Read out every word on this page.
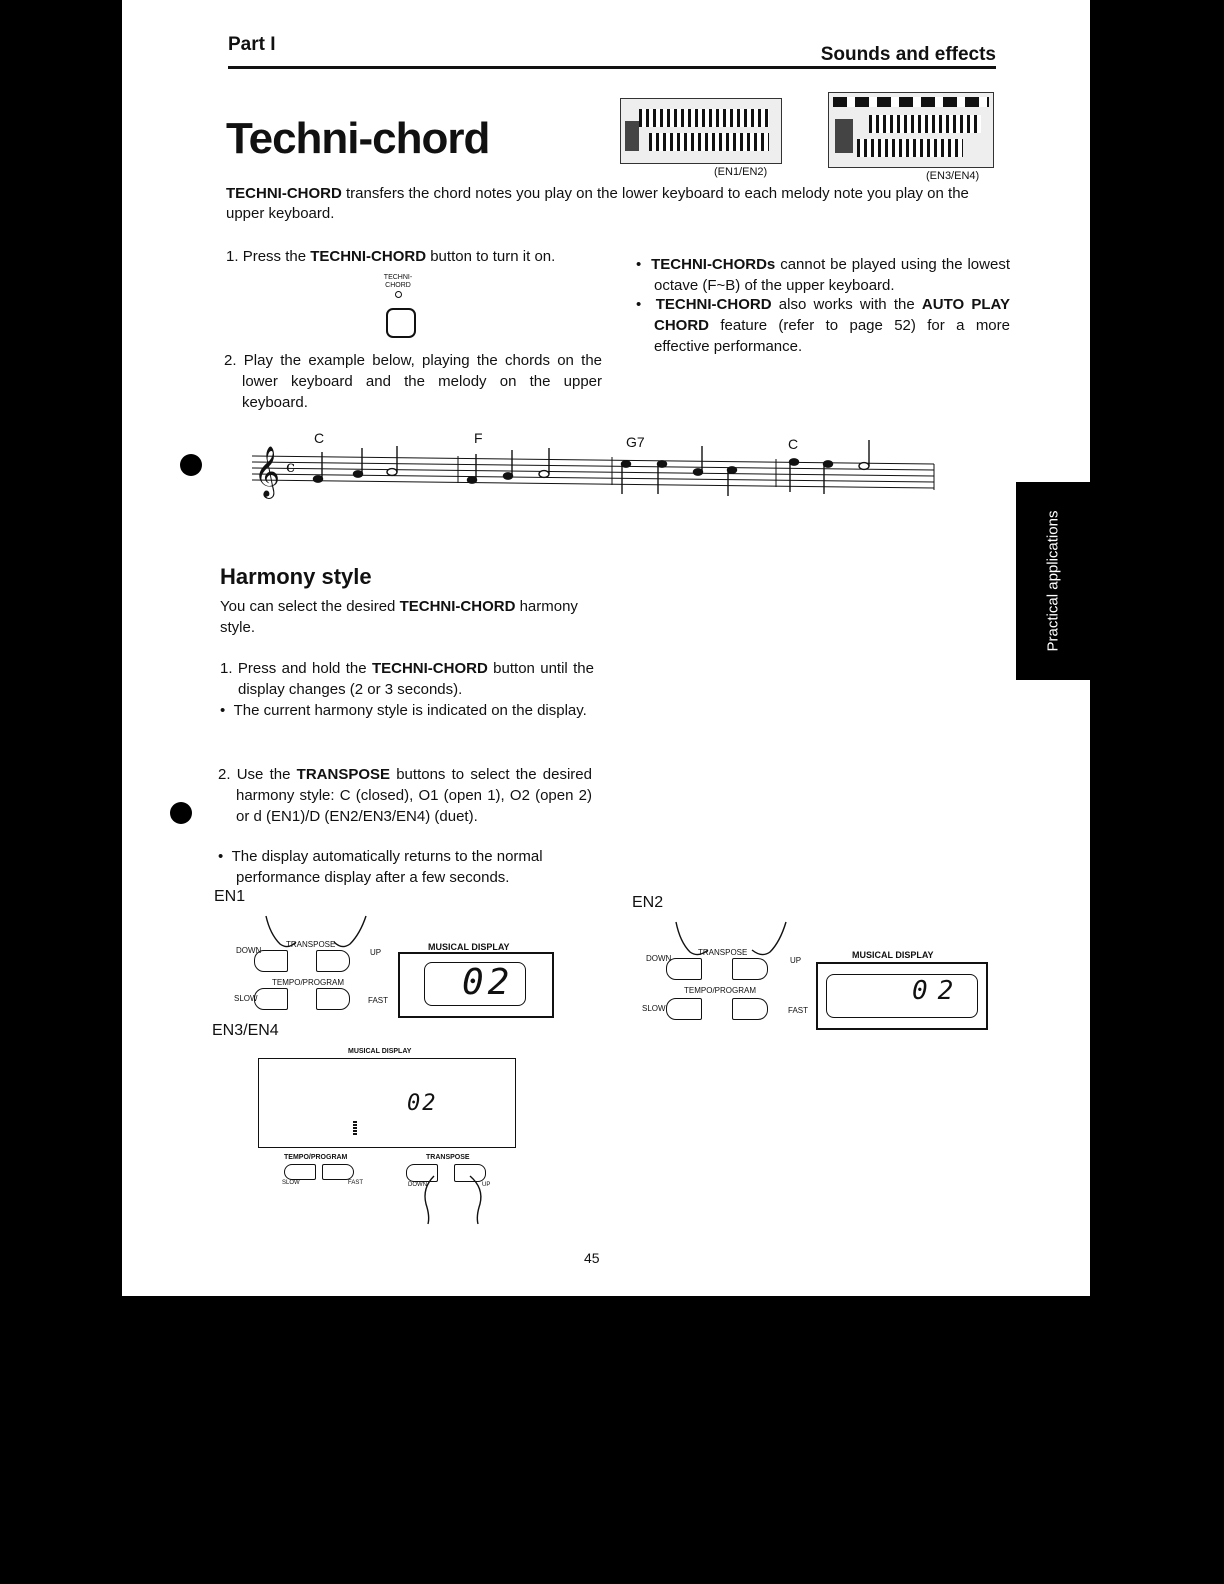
Part I	Sounds and effects
Techni-chord
(EN1/EN2)	(EN3/EN4)
TECHNI-CHORD transfers the chord notes you play on the lower keyboard to each melody note you play on the upper keyboard.
1. Press the TECHNI-CHORD button to turn it on.
TECHNI-
CHORD
2. Play the example below, playing the chords on the lower keyboard and the melody on the upper keyboard.
•  TECHNI-CHORDs cannot be played using the lowest octave (F~B) of the upper keyboard.
•  TECHNI-CHORD also works with the AUTO PLAY CHORD feature (refer to page 52) for a more effective performance.
C	F	G7	C
𝄞 c
Practical applications
Harmony style
You can select the desired TECHNI-CHORD harmony style.
1. Press and hold the TECHNI-CHORD button until the display changes (2 or 3 seconds).
•  The current harmony style is indicated on the display.
2. Use the TRANSPOSE buttons to select the desired harmony style: C (closed), O1 (open 1), O2 (open 2) or d (EN1)/D (EN2/EN3/EN4) (duet).
•  The display automatically returns to the normal performance display after a few seconds.
EN1
TRANSPOSE
DOWN	UP
TEMPO/PROGRAM
SLOW	FAST
MUSICAL DISPLAY
02
EN2
TRANSPOSE
DOWN	UP
TEMPO/PROGRAM
SLOW	FAST
MUSICAL DISPLAY
02
EN3/EN4
MUSICAL DISPLAY
02
TEMPO/PROGRAM
SLOW	FAST
TRANSPOSE
DOWN	UP
45
